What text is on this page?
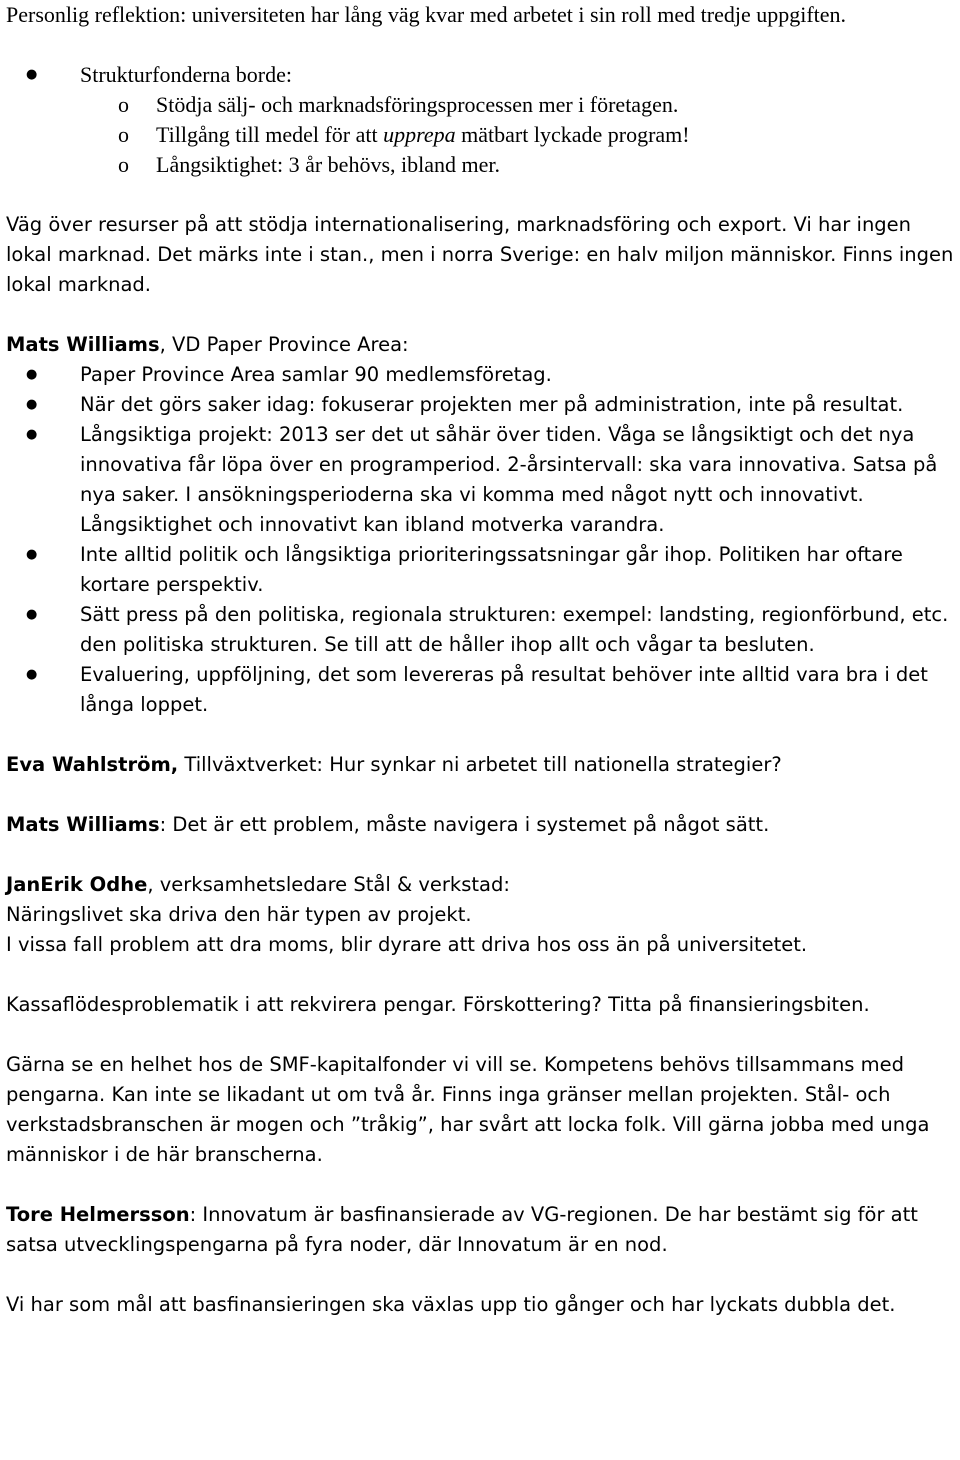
Personlig reflektion: universiteten har lång väg kvar med arbetet i sin roll med tredje uppgiften.

● Strukturfonderna borde:
o Stödja sälj- och marknadsföringsprocessen mer i företagen.
o Tillgång till medel för att upprepa mätbart lyckade program!
o Långsiktighet: 3 år behövs, ibland mer.

Väg över resurser på att stödja internationalisering, marknadsföring och export. Vi har ingen lokal marknad. Det märks inte i stan., men i norra Sverige: en halv miljon människor. Finns ingen lokal marknad.

Mats Williams, VD Paper Province Area:

● Paper Province Area samlar 90 medlemsföretag.
● När det görs saker idag: fokuserar projekten mer på administration, inte på resultat.
● Långsiktiga projekt: 2013 ser det ut såhär över tiden. Våga se långsiktigt och det nya innovativa får löpa över en programperiod. 2-årsintervall: ska vara innovativa. Satsa på nya saker. I ansökningsperioderna ska vi komma med något nytt och innovativt. Långsiktighet och innovativt kan ibland motverka varandra.
● Inte alltid politik och långsiktiga prioriteringssatsningar går ihop. Politiken har oftare kortare perspektiv.
● Sätt press på den politiska, regionala strukturen: exempel: landsting, regionförbund, etc. den politiska strukturen. Se till att de håller ihop allt och vågar ta besluten.
● Evaluering, uppföljning, det som levereras på resultat behöver inte alltid vara bra i det långa loppet.

Eva Wahlström, Tillväxtverket: Hur synkar ni arbetet till nationella strategier?

Mats Williams: Det är ett problem, måste navigera i systemet på något sätt.

JanErik Odhe, verksamhetsledare Stål & verkstad:

Näringslivet ska driva den här typen av projekt.

I vissa fall problem att dra moms, blir dyrare att driva hos oss än på universitetet.

Kassaflödesproblematik i att rekvirera pengar. Förskottering? Titta på finansieringsbiten.

Gärna se en helhet hos de SMF-kapitalfonder vi vill se. Kompetens behövs tillsammans med pengarna. Kan inte se likadant ut om två år. Finns inga gränser mellan projekten. Stål- och verkstadsbranschen är mogen och ”tråkig”, har svårt att locka folk. Vill gärna jobba med unga människor i de här branscherna.

Tore Helmersson: Innovatum är basfinansierade av VG-regionen. De har bestämt sig för att satsa utvecklingspengarna på fyra noder, där Innovatum är en nod.

Vi har som mål att basfinansieringen ska växlas upp tio gånger och har lyckats dubbla det.
